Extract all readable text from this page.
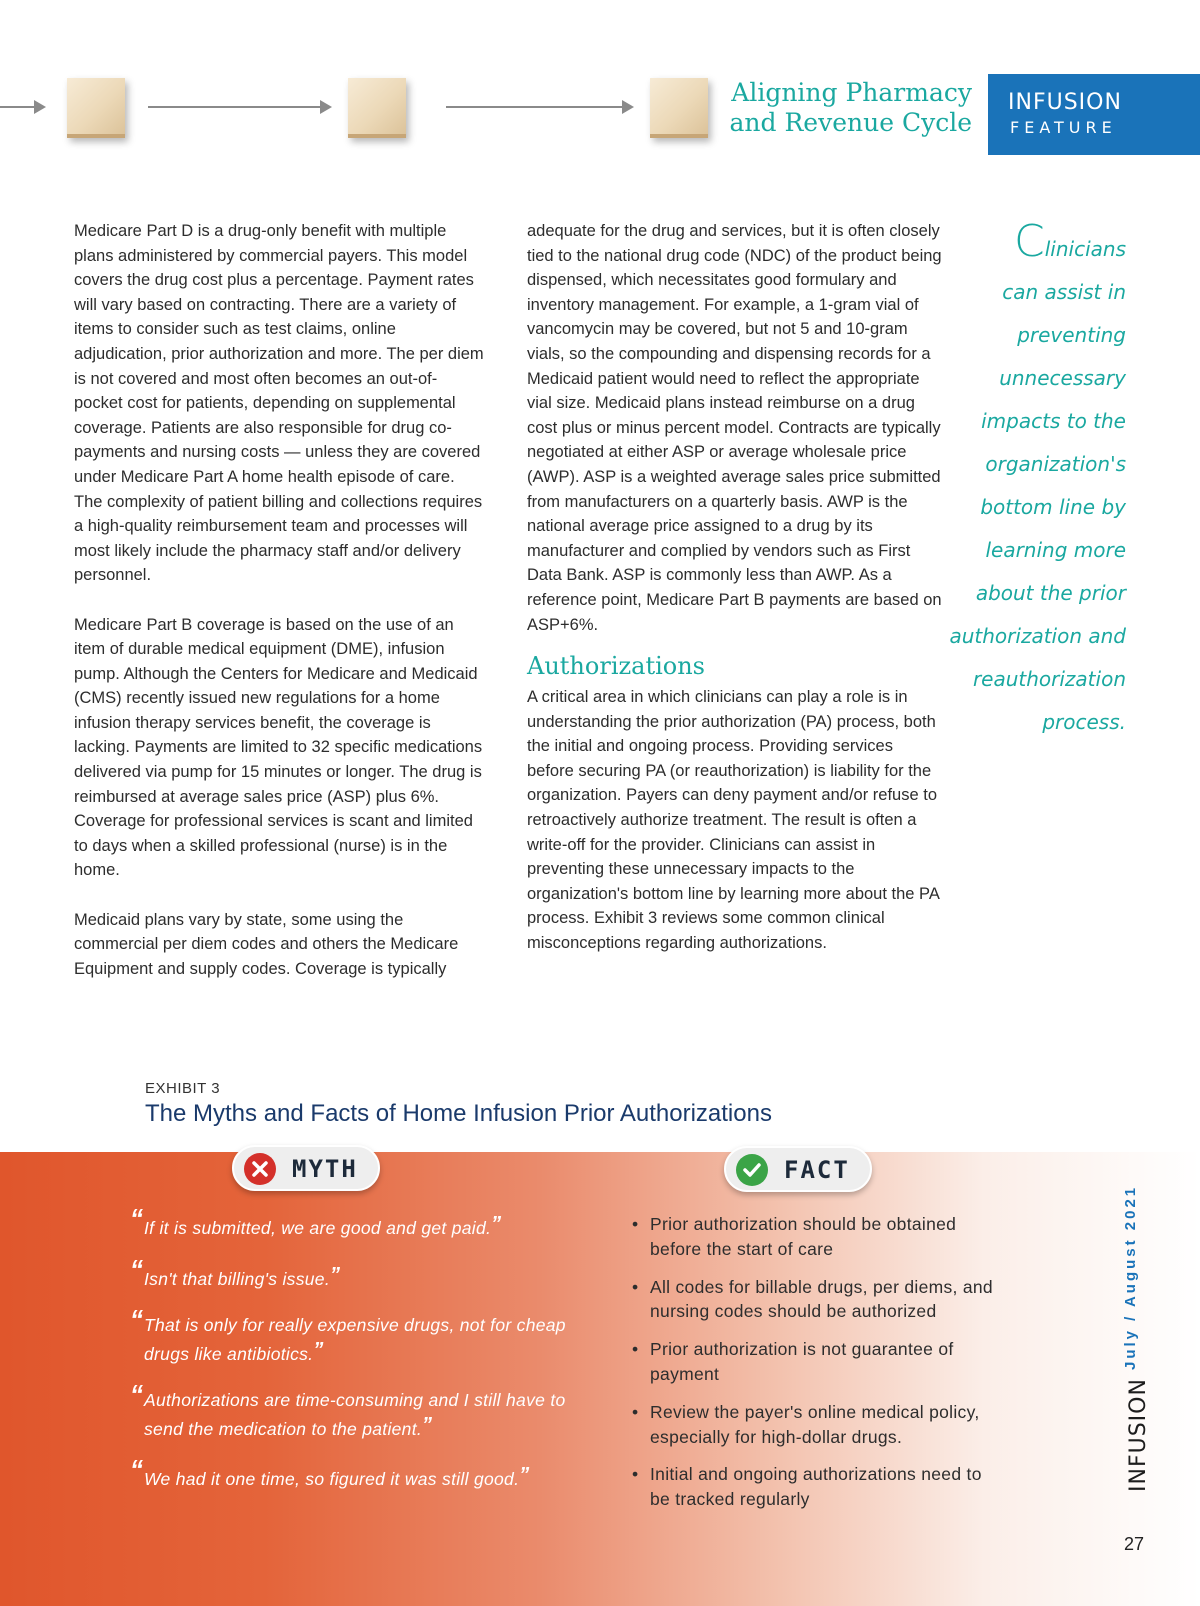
Aligning Pharmacy
and Revenue Cycle
INFUSION
FEATURE

Medicare Part D is a drug-only benefit with multiple plans administered by commercial payers. This model covers the drug cost plus a percentage. Payment rates will vary based on contracting. There are a variety of items to consider such as test claims, online adjudication, prior authorization and more. The per diem is not covered and most often becomes an out-of-pocket cost for patients, depending on supplemental coverage. Patients are also responsible for drug co-payments and nursing costs — unless they are covered under Medicare Part A home health episode of care. The complexity of patient billing and collections requires a high-quality reimbursement team and processes will most likely include the pharmacy staff and/or delivery personnel.

Medicare Part B coverage is based on the use of an item of durable medical equipment (DME), infusion pump. Although the Centers for Medicare and Medicaid (CMS) recently issued new regulations for a home infusion therapy services benefit, the coverage is lacking. Payments are limited to 32 specific medications delivered via pump for 15 minutes or longer. The drug is reimbursed at average sales price (ASP) plus 6%. Coverage for professional services is scant and limited to days when a skilled professional (nurse) is in the home.

Medicaid plans vary by state, some using the commercial per diem codes and others the Medicare Equipment and supply codes. Coverage is typically

adequate for the drug and services, but it is often closely tied to the national drug code (NDC) of the product being dispensed, which necessitates good formulary and inventory management. For example, a 1-gram vial of vancomycin may be covered, but not 5 and 10-gram vials, so the compounding and dispensing records for a Medicaid patient would need to reflect the appropriate vial size. Medicaid plans instead reimburse on a drug cost plus or minus percent model. Contracts are typically negotiated at either ASP or average wholesale price (AWP). ASP is a weighted average sales price submitted from manufacturers on a quarterly basis. AWP is the national average price assigned to a drug by its manufacturer and complied by vendors such as First Data Bank. ASP is commonly less than AWP. As a reference point, Medicare Part B payments are based on ASP+6%.

Authorizations

A critical area in which clinicians can play a role is in understanding the prior authorization (PA) process, both the initial and ongoing process. Providing services before securing PA (or reauthorization) is liability for the organization. Payers can deny payment and/or refuse to retroactively authorize treatment. The result is often a write-off for the provider. Clinicians can assist in preventing these unnecessary impacts to the organization's bottom line by learning more about the PA process. Exhibit 3 reviews some common clinical misconceptions regarding authorizations.

Clinicians
can assist in
preventing
unnecessary
impacts to the
organization's
bottom line by
learning more
about the prior
authorization and
reauthorization
process.
EXHIBIT 3
The Myths and Facts of Home Infusion Prior Authorizations
MYTH	FACT
“ If it is submitted, we are good and get paid.”
“ Isn't that billing's issue.”
“ That is only for really expensive drugs, not for cheap drugs like antibiotics.”
“ Authorizations are time-consuming and I still have to send the medication to the patient.”
“ We had it one time, so figured it was still good.”
• Prior authorization should be obtained before the start of care
• All codes for billable drugs, per diems, and nursing codes should be authorized
• Prior authorization is not guarantee of payment
• Review the payer's online medical policy, especially for high-dollar drugs.
• Initial and ongoing authorizations need to be tracked regularly
July / August 2021
INFUSION
27
